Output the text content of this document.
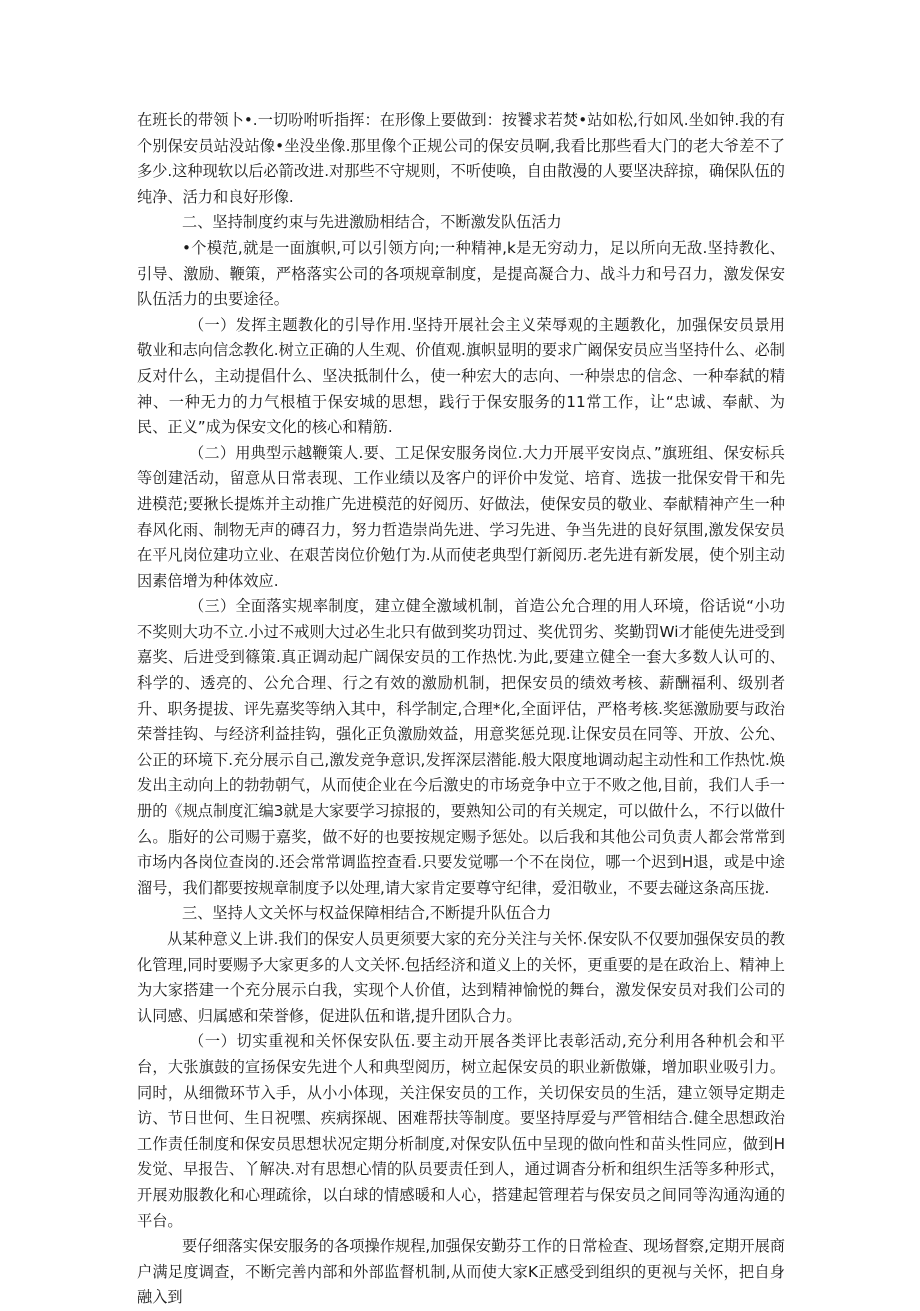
在班长的带领卜•.一切吩咐听指挥：在形像上要做到：按饕求若焚•站如松,行如风.坐如钟.我的有个别保安员站没站像•坐没坐像.那里像个正规公司的保安员啊,我看比那些看大门的老大爷差不了多少.这种现软以后必箭改进.对那些不守规则，不听使唤，自由散漫的人要坚决辞掠，确保队伍的纯净、活力和良好形像.

二、坚持制度约束与先进激励相结合，不断激发队伍活力

•个模范,就是一面旗帜,可以引领方向;一种精神,k是无穷动力，足以所向无敌.坚持教化、引导、激励、鞭策，严格落实公司的各项规章制度，是提高凝合力、战斗力和号召力，激发保安队伍活力的虫要途径。

（一）发挥主题教化的引导作用.坚持开展社会主义荣辱观的主题教化，加强保安员景用敬业和志向信念教化.树立正确的人生观、价值观.旗帜显明的要求广阚保安员应当坚持什么、必制反对什么，主动提倡什么、坚决抵制什么，使一种宏大的志向、一种崇忠的信念、一种奉弑的精神、一种无力的力气根植于保安城的思想，践行于保安服务的11常工作，让“忠诚、奉献、为民、正义”成为保安文化的核心和精筋.

（二）用典型示越鞭策人.要、工足保安服务岗位.大力开展平安岗点、”旗班组、保安标兵等创建活动，留意从日常表现、工作业绩以及客户的评价中发觉、培育、选拔一批保安骨干和先进模范;要揪长提炼并主动推广先进模范的好阅历、好做法，使保安员的敬业、奉献精神产生一种春风化雨、制物无声的磚召力，努力哲造崇尚先进、学习先进、争当先进的良好氛围,激发保安员在平凡岗位建功立业、在艰苦岗位价勉仃为.从而使老典型仃新阅历.老先进有新发展，使个别主动因素倍增为种体效应.

（三）全面落实规率制度，建立健全激域机制，首造公允合理的用人环境，俗话说“小功不奖则大功不立.小过不戒则大过必生北只有做到奖功罚过、奖优罚劣、奖勤罚Wi才能使先进受到嘉奖、后进受到篠策.真正调动起广阔保安员的工作热忱.为此,要建立健全一套大多数人认可的、科学的、透亮的、公允合理、行之有效的激励机制，把保安员的绩效考核、薪酬福利、级别者升、职务提拔、评先嘉奖等纳入其中，科学制定,合理*化,全面评估，严格考核.奖惩激励要与政治荣誉挂钩、与经济利益挂钩，强化正负激励效益，用意奖惩兑现.让保安员在同等、开放、公允、公正的环境下.充分展示自己,激发竞争意识,发挥深层潜能.般大限度地调动起主动性和工作热忱.焕发出主动向上的勃勃朝气，从而使企业在今后激史的市场竞争中立于不败之他,目前，我们人手一册的《规点制度汇编3就是大家要学习掠报的，要熟知公司的有关规定，可以做什么，不行以做什么。脂好的公司赐于嘉奖，做不好的也要按规定赐予惩处。以后我和其他公司负责人都会常常到市场内各岗位查岗的.还会常常调监控查看.只要发觉哪一个不在岗位，哪一个迟到H退，或是中途溜号，我们都要按规章制度予以处理,请大家肯定要尊守纪律，爱汨敬业，不要去碰这条高压拢.

三、坚持人文关怀与权益保障相结合,不断提升队伍合力

从某种意义上讲.我们的保安人员更须要大家的充分关注与关怀.保安队不仅要加强保安员的教化管理,同时要赐予大家更多的人文关怀.包括经济和道义上的关怀，更重要的是在政治上、精神上为大家搭建一个充分展示白我，实现个人价值，达到精神愉悦的舞台，激发保安员对我们公司的认同感、归属感和荣誉修，促进队伍和谐,提升团队合力。

（一）切实重视和关怀保安队伍.要主动开展各类评比表彰活动,充分利用各种机会和平台，大张旗鼓的宣扬保安先进个人和典型阅历，树立起保安员的职业新傲嫌，增加职业吸引力。同时，从细微环节入手，从小小体现，关注保安员的工作，关切保安员的生活，建立领导定期走访、节日世何、生日祝嘿、疾病探觇、困难帮扶等制度。要坚持厚爱与严管相结合.健全思想政治工作责任制度和保安员思想状况定期分析制度,对保安队伍中呈现的做向性和苗头性同应，做到H发觉、早报告、丫解决.对有思想心情的队员要责任到人，通过调杳分析和组织生活等多种形式，开展劝服教化和心理疏徐，以白球的情感暖和人心，搭建起管理若与保安员之间同等沟通沟通的平台。

要仔细落实保安服务的各项操作规程,加强保安勤芬工作的日常检查、现场督察,定期开展商户满足度调查，不断完善内部和外部监督机制,从而使大家K正感受到组织的更视与关怀，把自身融入到
